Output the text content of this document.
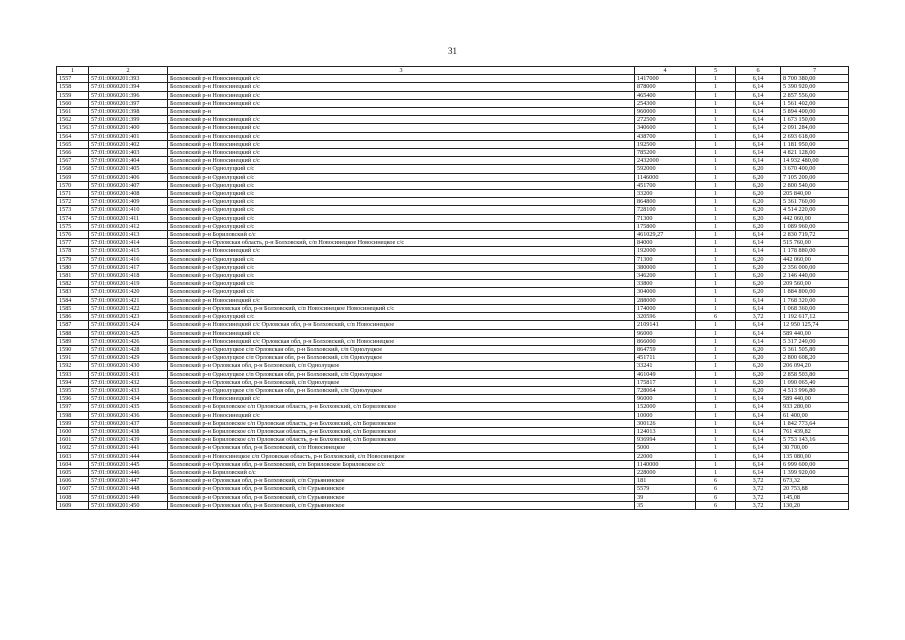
31
1	2	3	4	5	6	7
1557	57:01:0060201:393	Болховский р-н Новосинецкий с/с	1417000	1	6,14	8 700 380,00
1558	57:01:0060201:394	Болховский р-н Новосинецкий с/с	878000	1	6,14	5 390 920,00
1559	57:01:0060201:396	Болховский р-н Новосинецкий с/с	465400	1	6,14	2 857 556,00
1560	57:01:0060201:397	Болховский р-н Новосинецкий с/с	254300	1	6,14	1 561 402,00
1561	57:01:0060201:398	Болховский р-н	960000	1	6,14	5 894 400,00
1562	57:01:0060201:399	Болховский р-н Новосинецкий с/с	272500	1	6,14	1 673 150,00
1563	57:01:0060201:400	Болховский р-н Новосинецкий с/с	340600	1	6,14	2 091 284,00
1564	57:01:0060201:401	Болховский р-н Новосинецкий с/с	438700	1	6,14	2 693 618,00
1565	57:01:0060201:402	Болховский р-н Новосинецкий с/с	192500	1	6,14	1 181 950,00
1566	57:01:0060201:403	Болховский р-н Новосинецкий с/с	785200	1	6,14	4 821 128,00
1567	57:01:0060201:404	Болховский р-н Новосинецкий с/с	2432000	1	6,14	14 932 480,00
1568	57:01:0060201:405	Болховский р-н Однолуцкий с/с	592000	1	6,20	3 670 400,00
1569	57:01:0060201:406	Болховский р-н Однолуцкий с/с	1146000	1	6,20	7 105 200,00
1570	57:01:0060201:407	Болховский р-н Однолуцкий с/с	451700	1	6,20	2 800 540,00
1571	57:01:0060201:408	Болховский р-н Однолуцкий с/с	33200	1	6,20	205 840,00
1572	57:01:0060201:409	Болховский р-н Однолуцкий с/с	864800	1	6,20	5 361 760,00
1573	57:01:0060201:410	Болховский р-н Однолуцкий с/с	728100	1	6,20	4 514 220,00
1574	57:01:0060201:411	Болховский р-н Однолуцкий с/с	71300	1	6,20	442 060,00
1575	57:01:0060201:412	Болховский р-н Однолуцкий с/с	175800	1	6,20	1 089 960,00
1576	57:01:0060201:413	Болховский р-н Бориловский с/с	461029,27	1	6,14	2 830 719,72
1577	57:01:0060201:414	Болховский р-н Орловская область, р-н Болховский, с/п Новосинецкое Новосинецкое с/с	84000	1	6,14	515 760,00
1578	57:01:0060201:415	Болховский р-н Новосинецкий с/с	192000	1	6,14	1 178 880,00
1579	57:01:0060201:416	Болховский р-н Однолуцкий с/с	71300	1	6,20	442 060,00
1580	57:01:0060201:417	Болховский р-н Однолуцкий с/с	380000	1	6,20	2 356 000,00
1581	57:01:0060201:418	Болховский р-н Однолуцкий с/с	346200	1	6,20	2 146 440,00
1582	57:01:0060201:419	Болховский р-н Однолуцкий с/с	33800	1	6,20	209 560,00
1583	57:01:0060201:420	Болховский р-н Однолуцкий с/с	304000	1	6,20	1 884 800,00
1584	57:01:0060201:421	Болховский р-н Новосинецкий с/с	288000	1	6,14	1 768 320,00
1585	57:01:0060201:422	Болховский р-н Орловская обл, р-н Болховский, с/п Новосинецкое Новосинецкий с/с	174000	1	6,14	1 068 360,00
1586	57:01:0060201:423	Болховский р-н Однолуцкий с/с	320596	6	3,72	1 192 617,12
1587	57:01:0060201:424	Болховский р-н Новосинецкий с/с Орловская обл, р-н Болховский, с/п Новосинецкое	2109141	1	6,14	12 950 125,74
1588	57:01:0060201:425	Болховский р-н Новосинецкий с/с	96000	1	6,14	589 440,00
1589	57:01:0060201:426	Болховский р-н Новосинецкий с/с Орловская обл, р-н Болховский, с/п Новосинецкое	866000	1	6,14	5 317 240,00
1590	57:01:0060201:428	Болховский р-н Однолуцкое с/п Орловская обл, р-н Болховский, с/п Однолуцкое	864759	1	6,20	5 361 505,80
1591	57:01:0060201:429	Болховский р-н Однолуцкое с/п Орловская обл, р-н Болховский, с/п Однолуцкое	451711	1	6,20	2 800 608,20
1592	57:01:0060201:430	Болховский р-н Орловская обл, р-н Болховский, с/п Однолуцкое	33241	1	6,20	206 094,20
1593	57:01:0060201:431	Болховский р-н Однолуцкое с/п Орловская обл, р-н Болховский, с/п Однолуцкое	461049	1	6,20	2 858 503,80
1594	57:01:0060201:432	Болховский р-н Орловская обл, р-н Болховский, с/п Однолуцкое	175817	1	6,20	1 090 065,40
1595	57:01:0060201:433	Болховский р-н Однолуцкое с/п Орловская обл, р-н Болховский, с/п Однолуцкое	728064	1	6,20	4 513 996,80
1596	57:01:0060201:434	Болховский р-н Новосинецкий с/с	96000	1	6,14	589 440,00
1597	57:01:0060201:435	Болховский р-н Бориловское с/п Орловская область, р-н Болховский, с/п Бориловское	152000	1	6,14	933 280,00
1598	57:01:0060201:436	Болховский р-н Новосинецкий с/с	10000	1	6,14	61 400,00
1599	57:01:0060201:437	Болховский р-н Бориловское с/п Орловская область, р-н Болховский, с/п Бориловское	300126	1	6,14	1 842 773,64
1600	57:01:0060201:438	Болховский р-н Бориловское с/п Орловская область, р-н Болховский, с/п Бориловское	124013	1	6,14	761 439,82
1601	57:01:0060201:439	Болховский р-н Бориловское с/п Орловская область, р-н Болховский, с/п Бориловское	936994	1	6,14	5 753 143,16
1602	57:01:0060201:441	Болховский р-н Орловская обл, р-н Болховский, с/п Новосинецкое	5000	1	6,14	30 700,00
1603	57:01:0060201:444	Болховский р-н Новосинецкое с/п Орловская область, р-н Болховский, с/п Новосинецкое	22000	1	6,14	135 080,00
1604	57:01:0060201:445	Болховский р-н Орловская обл, р-н Болховский, с/п Бориловское Бориловское с/с	1140000	1	6,14	6 999 600,00
1605	57:01:0060201:446	Болховский р-н Бориловский с/с	228000	1	6,14	1 399 920,00
1606	57:01:0060201:447	Болховский р-н Орловская обл, р-н Болховский, с/п Сурьянинское	181	6	3,72	673,32
1607	57:01:0060201:448	Болховский р-н Орловская обл, р-н Болховский, с/п Сурьянинское	5579	6	3,72	20 753,88
1608	57:01:0060201:449	Болховский р-н Орловская обл, р-н Болховский, с/п Сурьянинское	39	6	3,72	145,08
1609	57:01:0060201:450	Болховский р-н Орловская обл, р-н Болховский, с/п Сурьянинское	35	6	3,72	130,20
